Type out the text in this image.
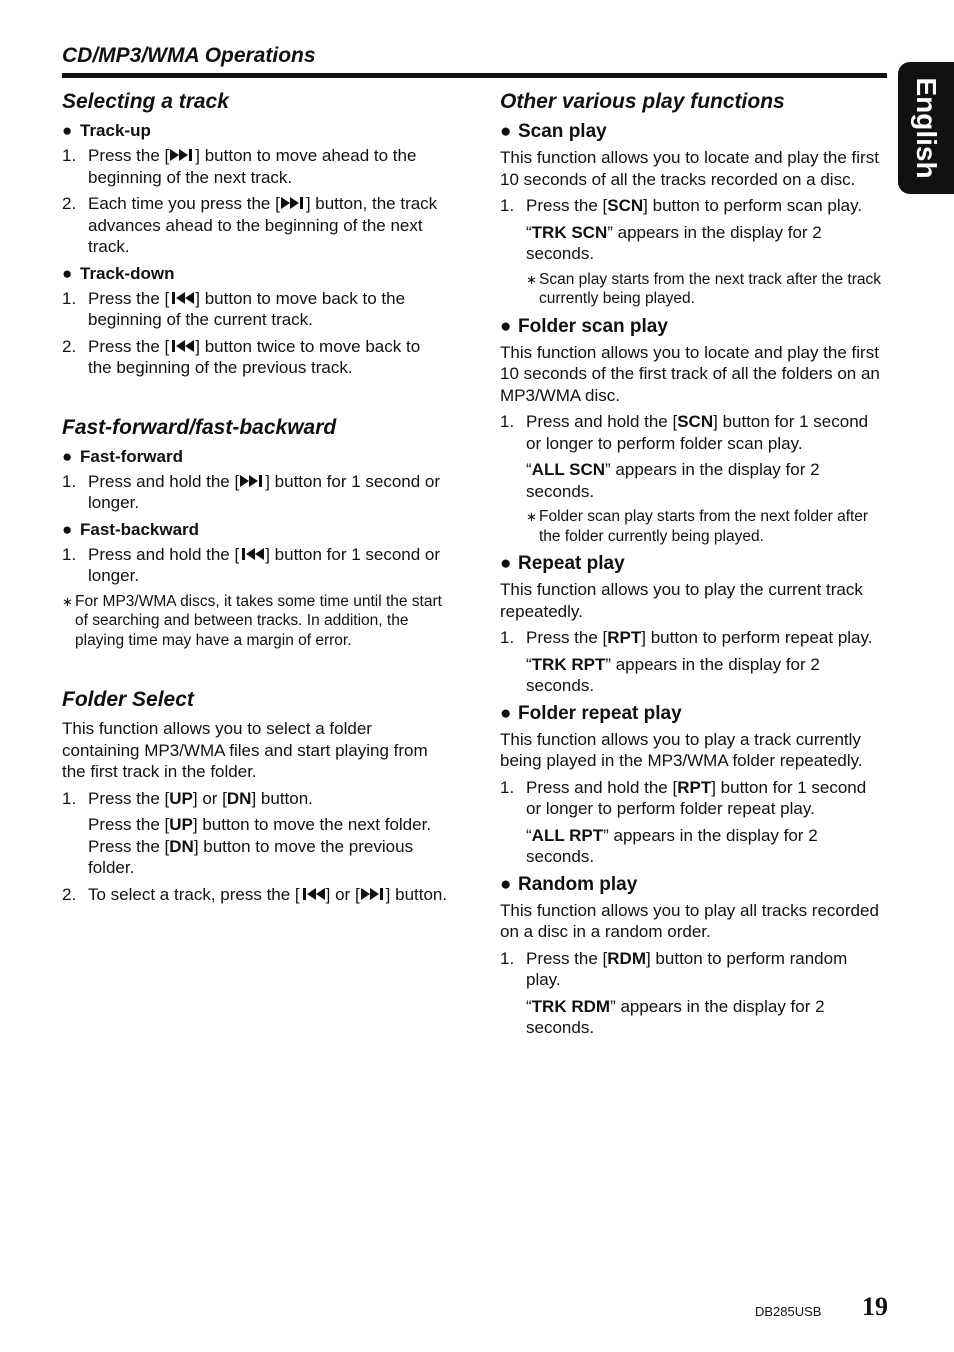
CD/MP3/WMA Operations
English
Selecting a track
● Track-up
1. Press the [ ] button to move ahead to the beginning of the next track.
2. Each time you press the [ ] button, the track advances ahead to the beginning of the next track.
● Track-down
1. Press the [ ] button to move back to the beginning of the current track.
2. Press the [ ] button twice to move back to the beginning of the previous track.
Fast-forward/fast-backward
● Fast-forward
1. Press and hold the [ ] button for 1 second or longer.
● Fast-backward
1. Press and hold the [ ] button for 1 second or longer.
∗ For MP3/WMA discs, it takes some time until the start of searching and between tracks. In addition, the playing time may have a margin of error.
Folder Select

This function allows you to select a folder containing MP3/WMA files and start playing from the first track in the folder.

1. Press the [UP] or [DN] button.
Press the [UP] button to move the next folder. Press the [DN] button to move the previous folder.
2. To select a track, press the [ ] or [ ] button.
Other various play functions
● Scan play

This function allows you to locate and play the first 10 seconds of all the tracks recorded on a disc.

1. Press the [SCN] button to perform scan play.
“TRK SCN” appears in the display for 2 seconds.
∗ Scan play starts from the next track after the track currently being played.
● Folder scan play

This function allows you to locate and play the first 10 seconds of the first track of all the folders on an MP3/WMA disc.

1. Press and hold the [SCN] button for 1 second or longer to perform folder scan play.
“ALL SCN” appears in the display for 2 seconds.
∗ Folder scan play starts from the next folder after the folder currently being played.
● Repeat play

This function allows you to play the current track repeatedly.

1. Press the [RPT] button to perform repeat play.
“TRK RPT” appears in the display for 2 seconds.
● Folder repeat play

This function allows you to play a track currently being played in the MP3/WMA folder repeatedly.

1. Press and hold the [RPT] button for 1 second or longer to perform folder repeat play.
“ALL RPT” appears in the display for 2 seconds.
● Random play

This function allows you to play all tracks recorded on a disc in a random order.

1. Press the [RDM] button to perform random play.
“TRK RDM” appears in the display for 2 seconds.
DB285USB 19
